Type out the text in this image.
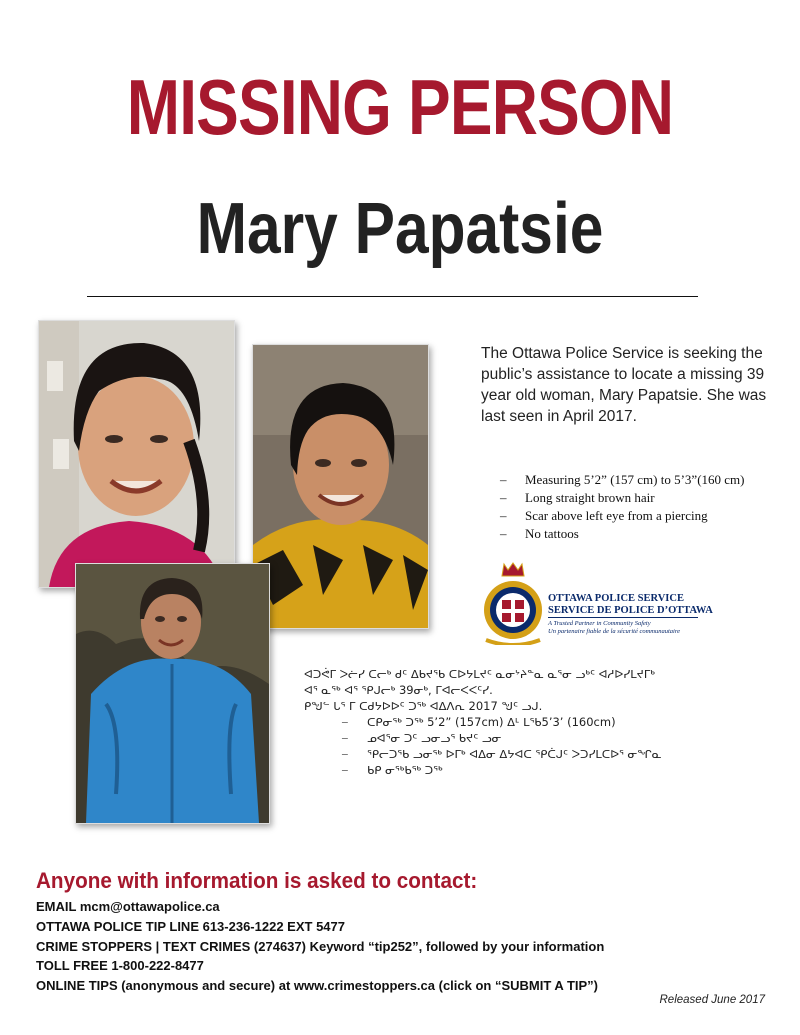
MISSING PERSON
Mary Papatsie
The Ottawa Police Service is seeking the public’s assistance to locate a missing 39 year old woman, Mary Papatsie. She was last seen in April 2017.
–	Measuring 5’2” (157 cm) to 5’3”(160 cm)
–	Long straight brown hair
–	Scar above left eye from a piercing
–	No tattoos
OTTAWA POLICE SERVICE
SERVICE DE POLICE D’OTTAWA
A Trusted Partner in Community Safety
Un partenaire fiable de la sécurité communautaire
ᐊᑐᕚᒥ ᐳᓖᓯ ᑕᓕᒃ ᑯᑦ ᐃᑲᔪᕐᑲ ᑕᐅᔭᒪᔪᑦ ᓇᓂᔾᔨᓐᓇ ᓇᕐᓂ ᓗᒃᑦ ᐊᓱᐅᓯᒪᔪᒥᒃ
ᐊᕐ ᓇᖅ ᐊᕐ ᕿᒍᓕᒃ 39ᓂᒃ, ᒥᐊᓕᐸᐸᑦᓯ.
ᑭᖑᓪ ᒐᕐ ᒥ ᑕᑯᔭᐅᐅᑦ ᑐᖅ ᐊᐃᐱᕆ 2017 ᖑᑦ ᓗᒍ.
–	ᑕᑭᓂᖅ ᑐᖅ 5’2” (157cm) ᐃᒻ ᒪᕐᑲ5’3’ (160cm)
–	ᓄᐊᕐᓂ ᑐᑦ ᓗᓂᓗᕐ ᑲᔪᑦ ᓗᓂ
–	ᕿᓕᑐᕐᑲ ᓗᓂᖅ ᐅᒥᒃ ᐊᐃᓂ ᐃᔭᐊᑕ ᕿᑖᒍᑦ ᐳᑐᓯᒪᑕᐅᕐ ᓂᖏᓇ
–	ᑲᑭ ᓂᖅᑲᖅ ᑐᖅ
Anyone with information is asked to contact:
EMAIL mcm@ottawapolice.ca
OTTAWA POLICE TIP LINE 613-236-1222 EXT 5477
CRIME STOPPERS | TEXT CRIMES (274637) Keyword “tip252”, followed by your information
TOLL FREE 1-800-222-8477
ONLINE TIPS (anonymous and secure) at www.crimestoppers.ca (click on “SUBMIT A TIP”)
Released June 2017
